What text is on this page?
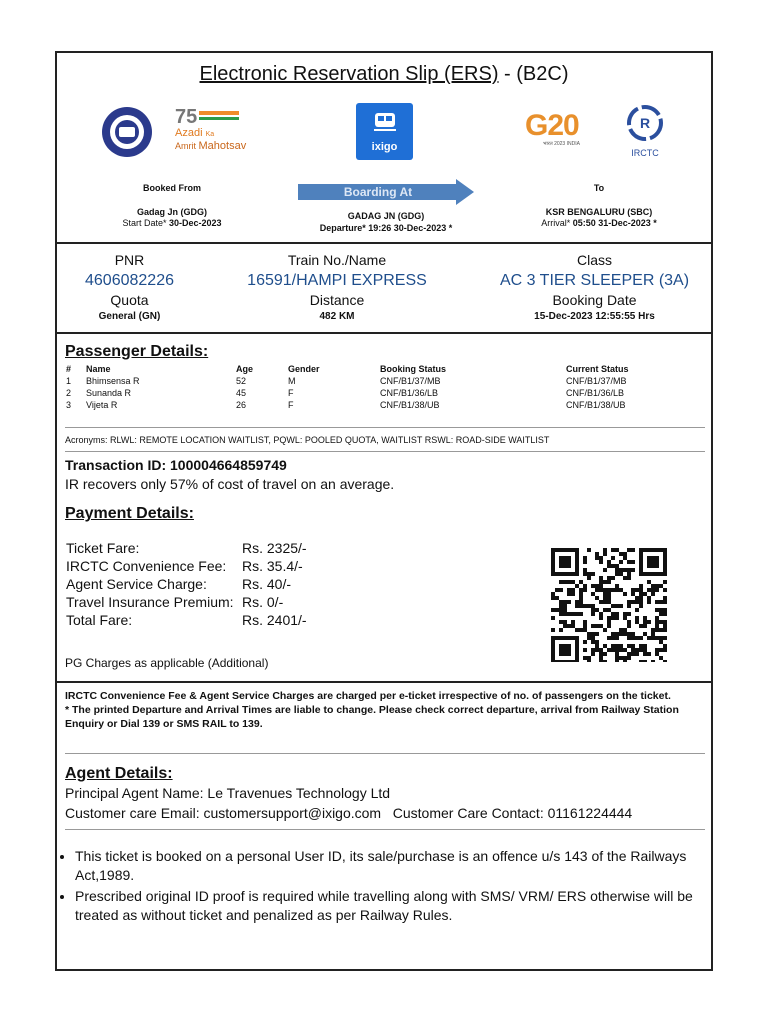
Electronic Reservation Slip (ERS) - (B2C)
75
Azadi Ka
Amrit Mahotsav	ixigo
G20
भारत 2023 INDIA
R
IRCTC
Booked From
Gadag Jn (GDG)
Start Date* 30-Dec-2023
Boarding At
GADAG JN (GDG)
Departure* 19:26 30-Dec-2023 *
To
KSR BENGALURU (SBC)
Arrival* 05:50 31-Dec-2023 *
PNR
4606082226
Quota
General (GN)
Train No./Name
16591/HAMPI EXPRESS
Distance
482 KM
Class
AC 3 TIER SLEEPER (3A)
Booking Date
15-Dec-2023 12:55:55 Hrs
Passenger Details:
#	Name	Age	Gender	Booking Status	Current Status
1	Bhimsensa R	52	M	CNF/B1/37/MB	CNF/B1/37/MB
2	Sunanda R	45	F	CNF/B1/36/LB	CNF/B1/36/LB
3	Vijeta R	26	F	CNF/B1/38/UB	CNF/B1/38/UB
Acronyms: RLWL: REMOTE LOCATION WAITLIST, PQWL: POOLED QUOTA, WAITLIST RSWL: ROAD-SIDE WAITLIST
Transaction ID: 100004664859749
IR recovers only 57% of cost of travel on an average.
Payment Details:
Ticket Fare:	Rs. 2325/-
IRCTC Convenience Fee:	Rs. 35.4/-
Agent Service Charge:	Rs. 40/-
Travel Insurance Premium:	Rs. 0/-
Total Fare:	Rs. 2401/-
PG Charges as applicable (Additional)
IRCTC Convenience Fee & Agent Service Charges are charged per e-ticket irrespective of no. of passengers on the ticket.
* The printed Departure and Arrival Times are liable to change. Please check correct departure, arrival from Railway Station Enquiry or Dial 139 or SMS RAIL to 139.
Agent Details:
Principal Agent Name: Le Travenues Technology Ltd
Customer care Email: customersupport@ixigo.com Customer Care Contact: 01161224444
• This ticket is booked on a personal User ID, its sale/purchase is an offence u/s 143 of the Railways Act,1989.
• Prescribed original ID proof is required while travelling along with SMS/ VRM/ ERS otherwise will be treated as without ticket and penalized as per Railway Rules.
